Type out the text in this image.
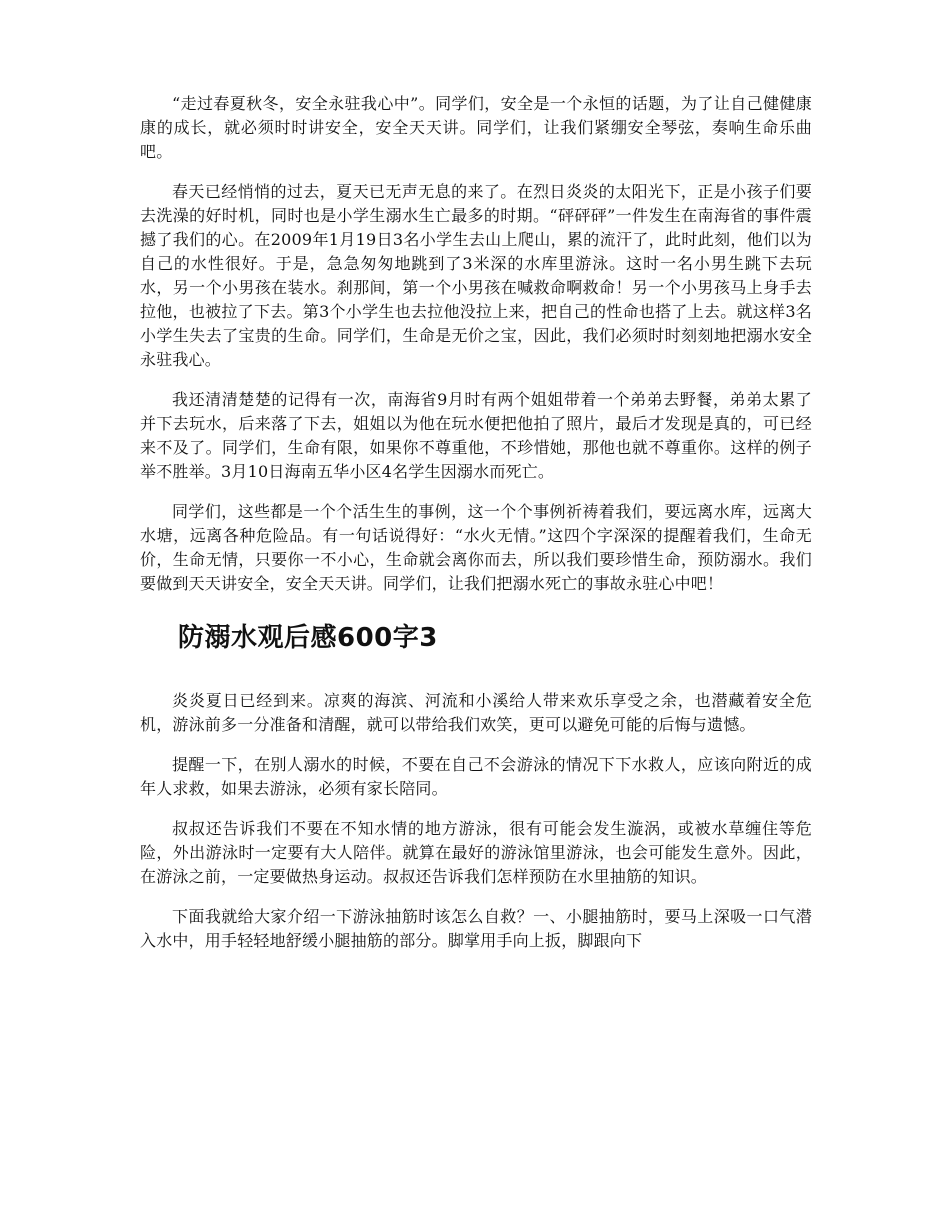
“走过春夏秋冬，安全永驻我心中”。同学们，安全是一个永恒的话题，为了让自己健健康康的成长，就必须时时讲安全，安全天天讲。同学们，让我们紧绷安全琴弦，奏响生命乐曲吧。

春天已经悄悄的过去，夏天已无声无息的来了。在烈日炎炎的太阳光下，正是小孩子们要去洗澡的好时机，同时也是小学生溺水生亡最多的时期。“砰砰砰”一件发生在南海省的事件震撼了我们的心。在2009年1月19日3名小学生去山上爬山，累的流汗了，此时此刻，他们以为自己的水性很好。于是，急急匆匆地跳到了3米深的水库里游泳。这时一名小男生跳下去玩水，另一个小男孩在装水。刹那间，第一个小男孩在喊救命啊救命！另一个小男孩马上身手去拉他，也被拉了下去。第3个小学生也去拉他没拉上来，把自己的性命也搭了上去。就这样3名小学生失去了宝贵的生命。同学们，生命是无价之宝，因此，我们必须时时刻刻地把溺水安全永驻我心。

我还清清楚楚的记得有一次，南海省9月时有两个姐姐带着一个弟弟去野餐，弟弟太累了并下去玩水，后来落了下去，姐姐以为他在玩水便把他拍了照片，最后才发现是真的，可已经来不及了。同学们，生命有限，如果你不尊重他，不珍惜她，那他也就不尊重你。这样的例子举不胜举。3月10日海南五华小区4名学生因溺水而死亡。

同学们，这些都是一个个活生生的事例，这一个个事例祈祷着我们，要远离水库，远离大水塘，远离各种危险品。有一句话说得好：“水火无情。”这四个字深深的提醒着我们，生命无价，生命无情，只要你一不小心，生命就会离你而去，所以我们要珍惜生命，预防溺水。我们要做到天天讲安全，安全天天讲。同学们，让我们把溺水死亡的事故永驻心中吧！

防溺水观后感600字3

炎炎夏日已经到来。凉爽的海滨、河流和小溪给人带来欢乐享受之余，也潜藏着安全危机，游泳前多一分准备和清醒，就可以带给我们欢笑，更可以避免可能的后悔与遗憾。

提醒一下，在别人溺水的时候，不要在自己不会游泳的情况下下水救人，应该向附近的成年人求救，如果去游泳，必须有家长陪同。

叔叔还告诉我们不要在不知水情的地方游泳，很有可能会发生漩涡，或被水草缠住等危险，外出游泳时一定要有大人陪伴。就算在最好的游泳馆里游泳，也会可能发生意外。因此，在游泳之前，一定要做热身运动。叔叔还告诉我们怎样预防在水里抽筋的知识。

下面我就给大家介绍一下游泳抽筋时该怎么自救？一、小腿抽筋时，要马上深吸一口气潜入水中，用手轻轻地舒缓小腿抽筋的部分。脚掌用手向上扳，脚跟向下
